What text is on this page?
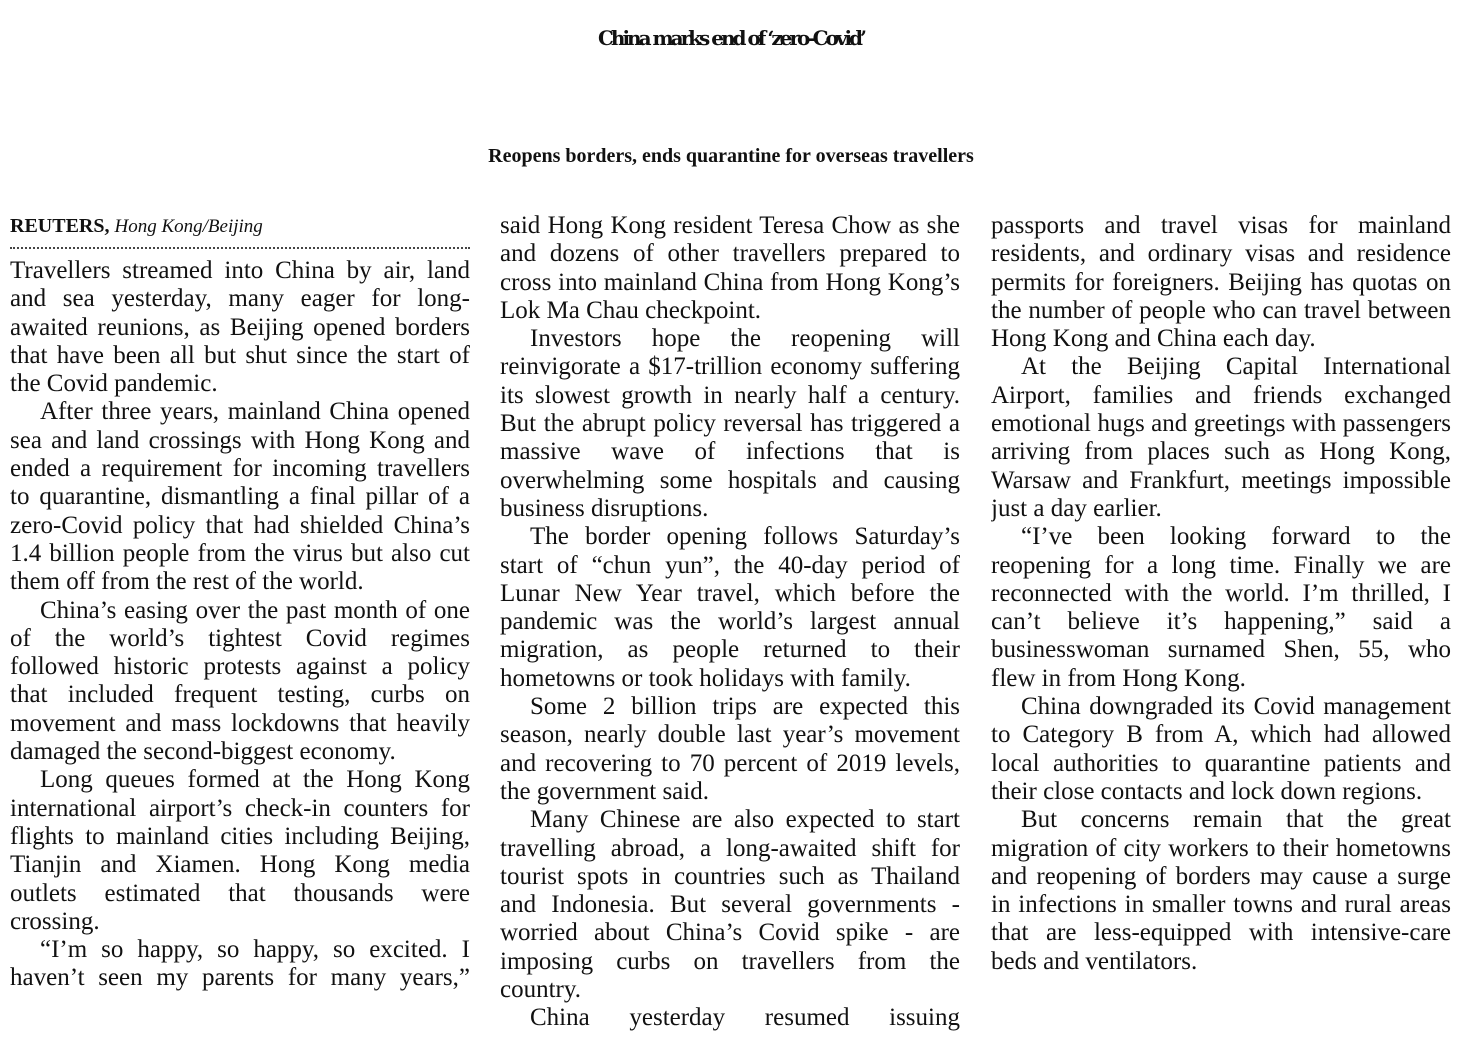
China marks end of ‘zero-Covid’
Reopens borders, ends quarantine for overseas travellers
REUTERS, Hong Kong/Beijing

Travellers streamed into China by air, land and sea yesterday, many eager for long-awaited reunions, as Beijing opened borders that have been all but shut since the start of the Covid pandemic.

After three years, mainland China opened sea and land crossings with Hong Kong and ended a requirement for incoming travellers to quarantine, dismantling a final pillar of a zero-Covid policy that had shielded China’s 1.4 billion people from the virus but also cut them off from the rest of the world.

China’s easing over the past month of one of the world’s tightest Covid regimes followed historic protests against a policy that included frequent testing, curbs on movement and mass lockdowns that heavily damaged the second-biggest economy.

Long queues formed at the Hong Kong international airport’s check-in counters for flights to mainland cities including Beijing, Tianjin and Xiamen. Hong Kong media outlets estimated that thousands were crossing.

“I’m so happy, so happy, so excited. I haven’t seen my parents for many years,”

said Hong Kong resident Teresa Chow as she and dozens of other travellers prepared to cross into mainland China from Hong Kong’s Lok Ma Chau checkpoint.

Investors hope the reopening will reinvigorate a $17-trillion economy suffering its slowest growth in nearly half a century. But the abrupt policy reversal has triggered a massive wave of infections that is overwhelming some hospitals and causing business disruptions.

The border opening follows Saturday’s start of “chun yun”, the 40-day period of Lunar New Year travel, which before the pandemic was the world’s largest annual migration, as people returned to their hometowns or took holidays with family.

Some 2 billion trips are expected this season, nearly double last year’s movement and recovering to 70 percent of 2019 levels, the government said.

Many Chinese are also expected to start travelling abroad, a long-awaited shift for tourist spots in countries such as Thailand and Indonesia. But several governments - worried about China’s Covid spike - are imposing curbs on travellers from the country.

China yesterday resumed issuing

passports and travel visas for mainland residents, and ordinary visas and residence permits for foreigners. Beijing has quotas on the number of people who can travel between Hong Kong and China each day.

At the Beijing Capital International Airport, families and friends exchanged emotional hugs and greetings with passengers arriving from places such as Hong Kong, Warsaw and Frankfurt, meetings impossible just a day earlier.

“I’ve been looking forward to the reopening for a long time. Finally we are reconnected with the world. I’m thrilled, I can’t believe it’s happening,” said a businesswoman surnamed Shen, 55, who flew in from Hong Kong.

China downgraded its Covid management to Category B from A, which had allowed local authorities to quarantine patients and their close contacts and lock down regions.

But concerns remain that the great migration of city workers to their hometowns and reopening of borders may cause a surge in infections in smaller towns and rural areas that are less-equipped with intensive-care beds and ventilators.
